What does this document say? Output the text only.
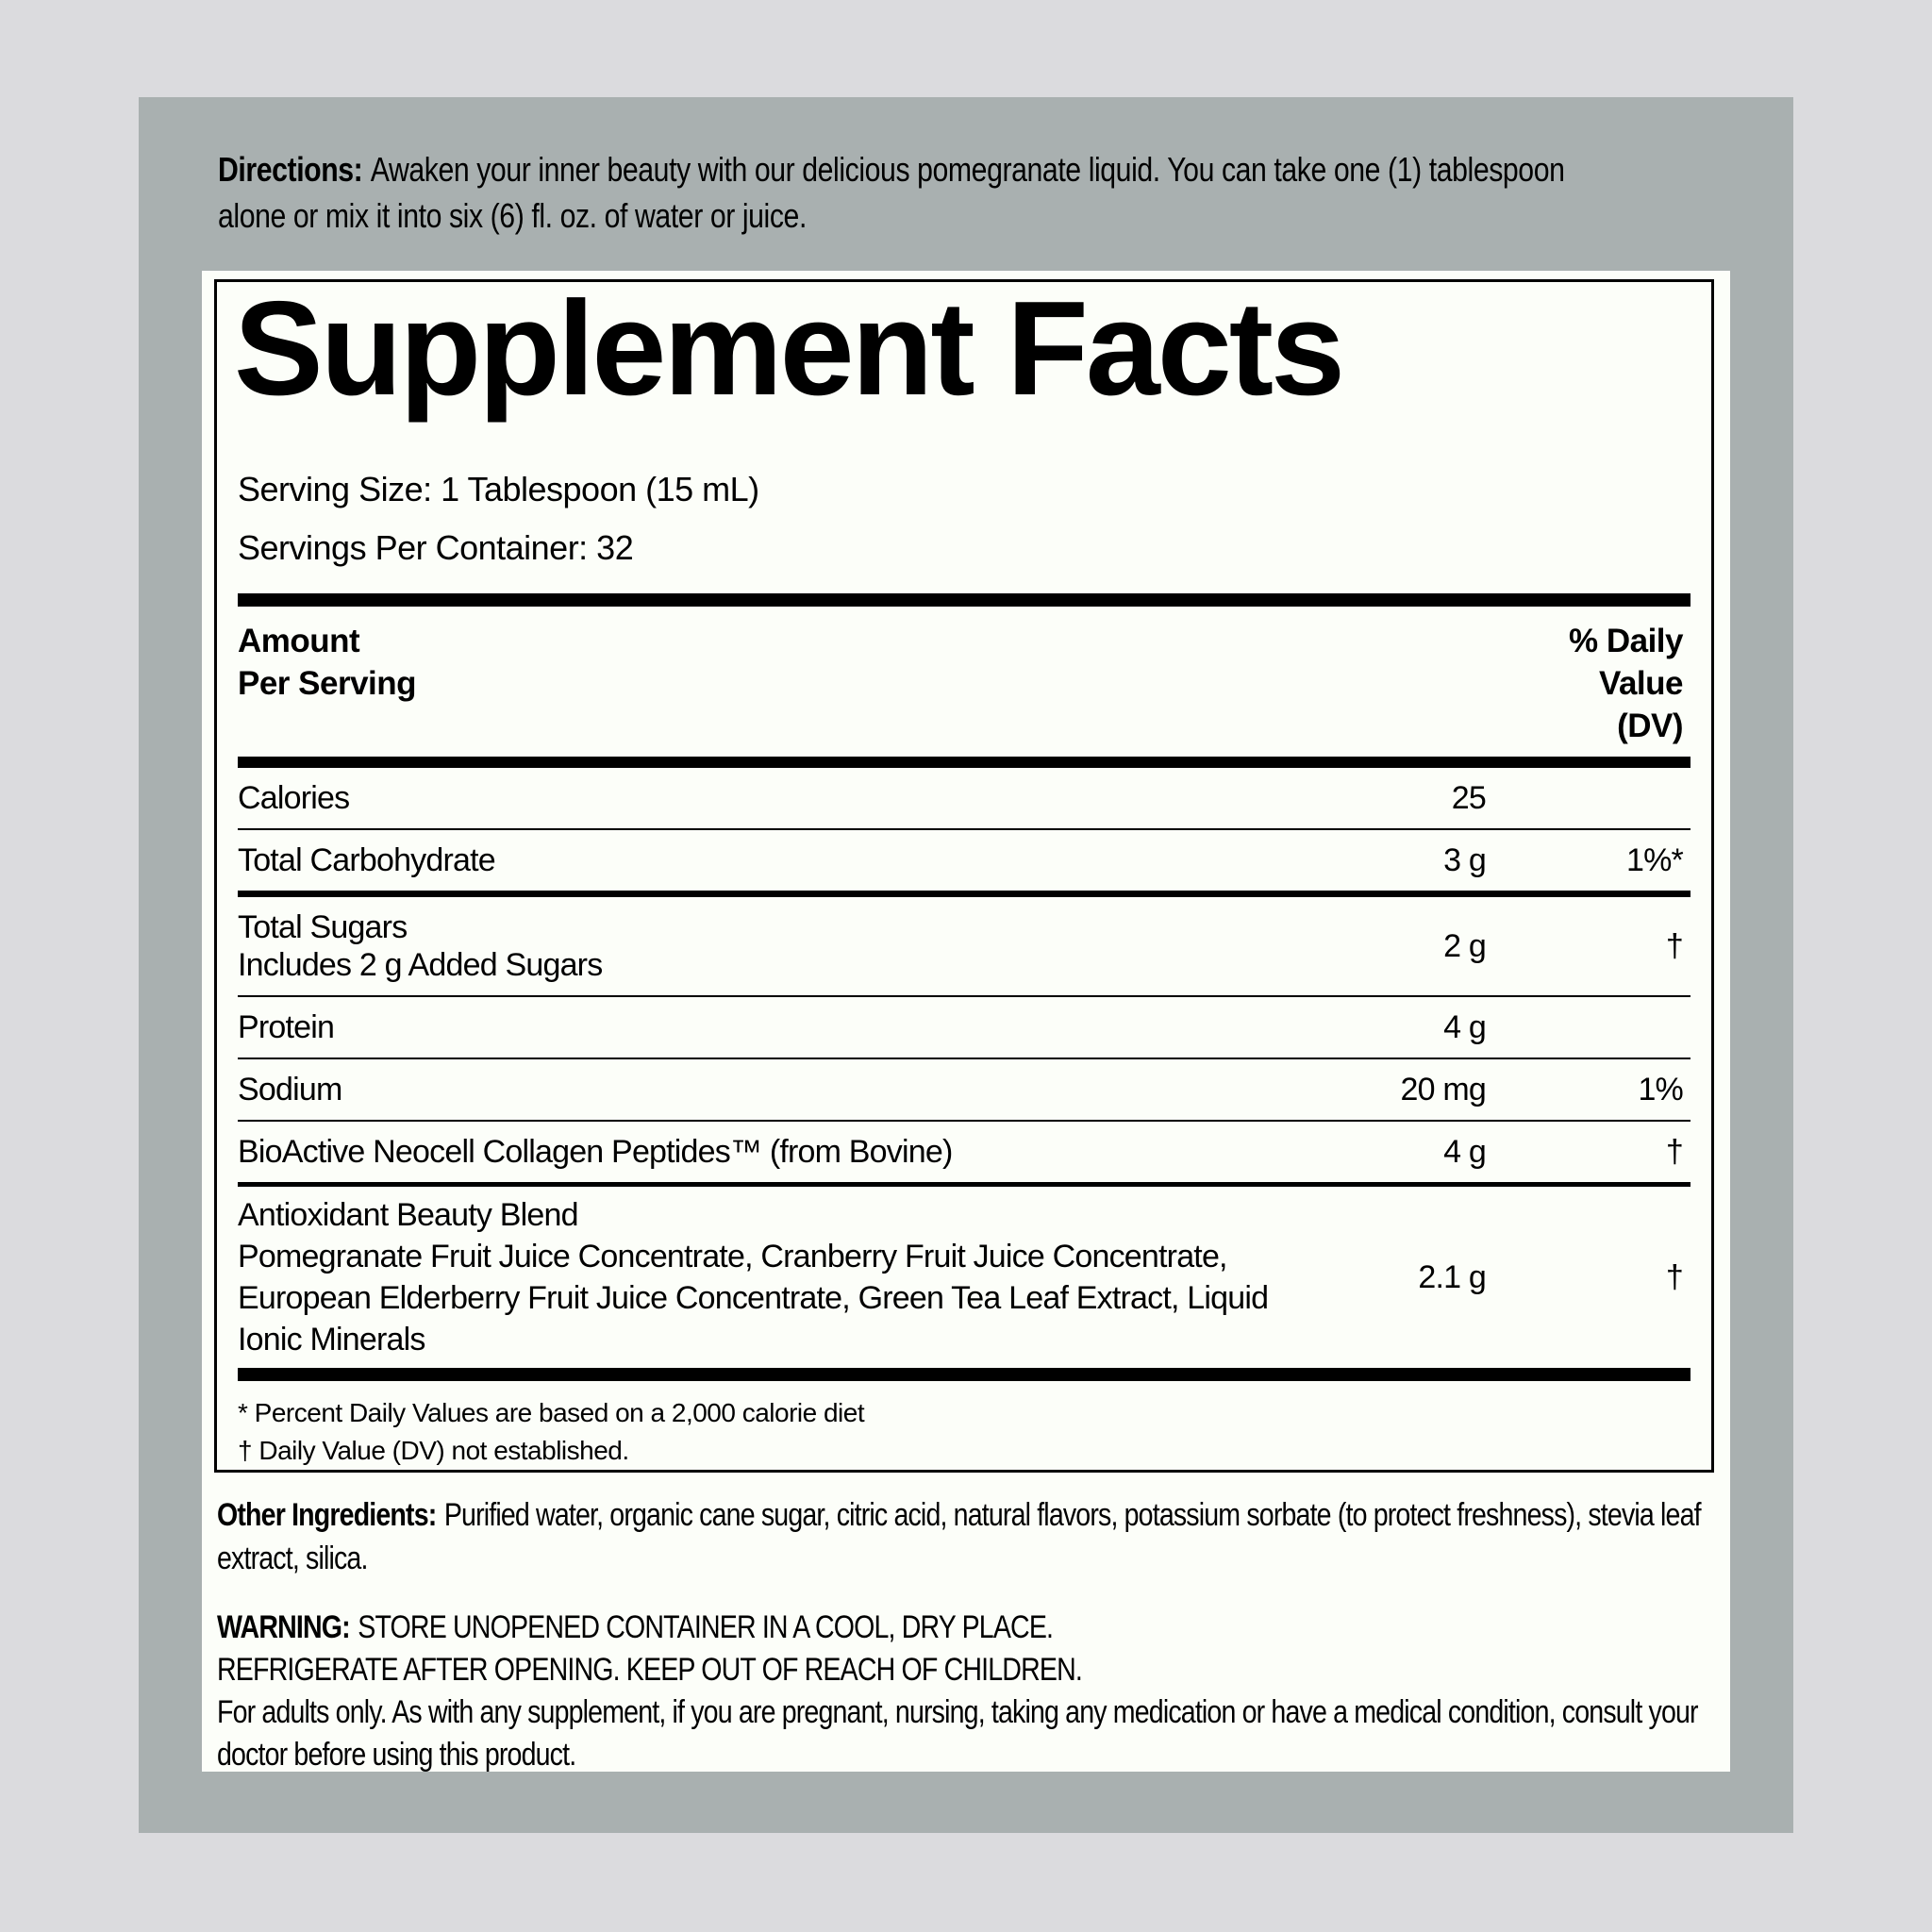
Directions: Awaken your inner beauty with our delicious pomegranate liquid. You can take one (1) tablespoon alone or mix it into six (6) fl. oz. of water or juice.

Supplement Facts
Serving Size: 1 Tablespoon (15 mL)
Servings Per Container: 32
Amount
Per Serving
% Daily
Value
(DV)
Calories	25
Total Carbohydrate	3 g	1%*
Total Sugars
Includes 2 g Added Sugars
2 g	†
Protein	4 g
Sodium	20 mg	1%
BioActive Neocell Collagen Peptides™ (from Bovine)	4 g	†
Antioxidant Beauty Blend
Pomegranate Fruit Juice Concentrate, Cranberry Fruit Juice Concentrate,
European Elderberry Fruit Juice Concentrate, Green Tea Leaf Extract, Liquid
Ionic Minerals
2.1 g	†
* Percent Daily Values are based on a 2,000 calorie diet
† Daily Value (DV) not established.

Other Ingredients: Purified water, organic cane sugar, citric acid, natural flavors, potassium sorbate (to protect freshness), stevia leaf extract, silica.

WARNING: STORE UNOPENED CONTAINER IN A COOL, DRY PLACE.
REFRIGERATE AFTER OPENING. KEEP OUT OF REACH OF CHILDREN.
For adults only. As with any supplement, if you are pregnant, nursing, taking any medication or have a medical condition, consult your doctor before using this product.
